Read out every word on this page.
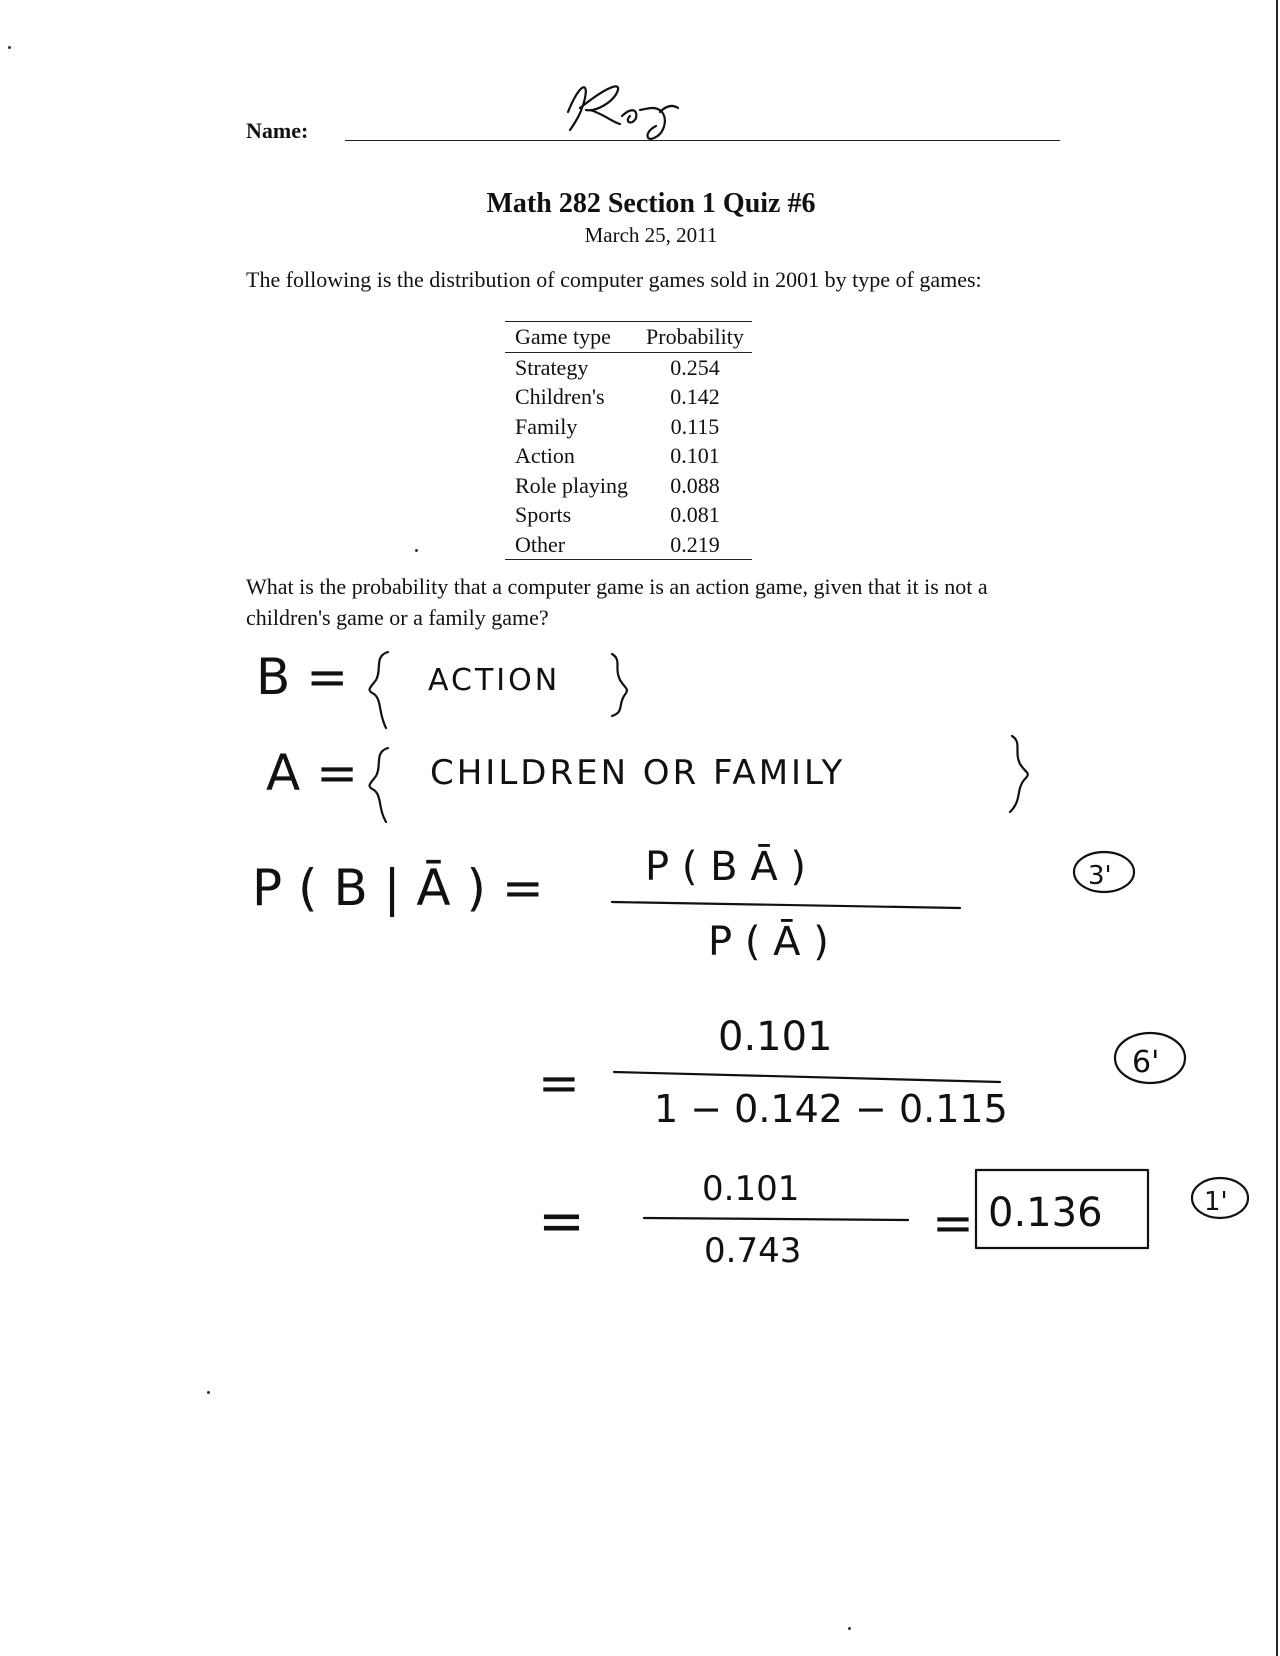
Name:
Math 282 Section 1 Quiz #6
March 25, 2011
The following is the distribution of computer games sold in 2001 by type of games:
Game type	Probability
Strategy	0.254
Children's	0.142
Family	0.115
Action	0.101
Role playing	0.088
Sports	0.081
Other	0.219
What is the probability that a computer game is an action game, given that it is not a children's game or a family game?
B =	ACTION
A = CHILDREN OR FAMILY
P ( B | Ā ) =	P ( B Ā )
P ( Ā )
3'
=
0.101
1 − 0.142 − 0.115
6'
=	0.101
0.743	= 0.136	1'
